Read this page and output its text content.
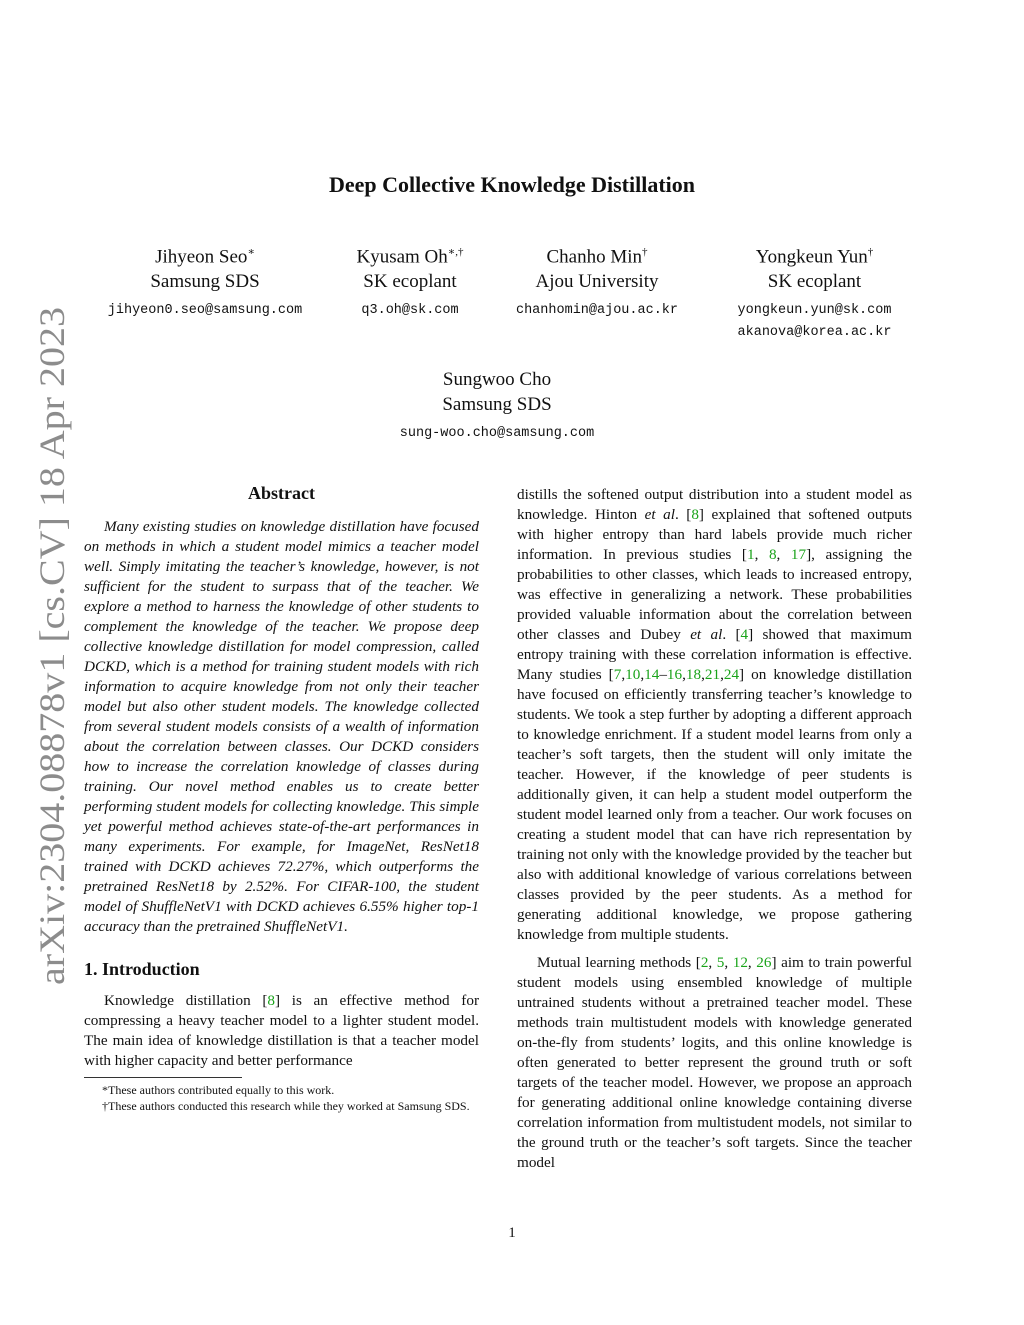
arXiv:2304.08878v1 [cs.CV] 18 Apr 2023
Deep Collective Knowledge Distillation
Jihyeon Seo∗
Samsung SDS
jihyeon0.seo@samsung.com
Kyusam Oh∗,†
SK ecoplant
q3.oh@sk.com
Chanho Min†
Ajou University
chanhomin@ajou.ac.kr
Yongkeun Yun†
SK ecoplant
yongkeun.yun@sk.com
akanova@korea.ac.kr
Sungwoo Cho
Samsung SDS
sung-woo.cho@samsung.com
Abstract

Many existing studies on knowledge distillation have focused on methods in which a student model mimics a teacher model well. Simply imitating the teacher’s knowledge, however, is not sufficient for the student to surpass that of the teacher. We explore a method to harness the knowledge of other students to complement the knowledge of the teacher. We propose deep collective knowledge distillation for model compression, called DCKD, which is a method for training student models with rich information to acquire knowledge from not only their teacher model but also other student models. The knowledge collected from several student models consists of a wealth of information about the correlation between classes. Our DCKD considers how to increase the correlation knowledge of classes during training. Our novel method enables us to create better performing student models for collecting knowledge. This simple yet powerful method achieves state-of-the-art performances in many experiments. For example, for ImageNet, ResNet18 trained with DCKD achieves 72.27%, which outperforms the pretrained ResNet18 by 2.52%. For CIFAR-100, the student model of ShuffleNetV1 with DCKD achieves 6.55% higher top-1 accuracy than the pretrained ShuffleNetV1.

1. Introduction

Knowledge distillation [8] is an effective method for compressing a heavy teacher model to a lighter student model. The main idea of knowledge distillation is that a teacher model with higher capacity and better performance

*These authors contributed equally to this work.

†These authors conducted this research while they worked at Samsung SDS.

distills the softened output distribution into a student model as knowledge. Hinton et al. [8] explained that softened outputs with higher entropy than hard labels provide much richer information. In previous studies [1, 8, 17], assigning the probabilities to other classes, which leads to increased entropy, was effective in generalizing a network. These probabilities provided valuable information about the correlation between other classes and Dubey et al. [4] showed that maximum entropy training with these correlation information is effective. Many studies [7,10,14–16,18,21,24] on knowledge distillation have focused on efficiently transferring teacher’s knowledge to students. We took a step further by adopting a different approach to knowledge enrichment. If a student model learns from only a teacher’s soft targets, then the student will only imitate the teacher. However, if the knowledge of peer students is additionally given, it can help a student model outperform the student model learned only from a teacher. Our work focuses on creating a student model that can have rich representation by training not only with the knowledge provided by the teacher but also with additional knowledge of various correlations between classes provided by the peer students. As a method for generating additional knowledge, we propose gathering knowledge from multiple students.

Mutual learning methods [2, 5, 12, 26] aim to train powerful student models using ensembled knowledge of multiple untrained students without a pretrained teacher model. These methods train multistudent models with knowledge generated on-the-fly from students’ logits, and this online knowledge is often generated to better represent the ground truth or soft targets of the teacher model. However, we propose an approach for generating additional online knowledge containing diverse correlation information from multistudent models, not similar to the ground truth or the teacher’s soft targets. Since the teacher model

1
